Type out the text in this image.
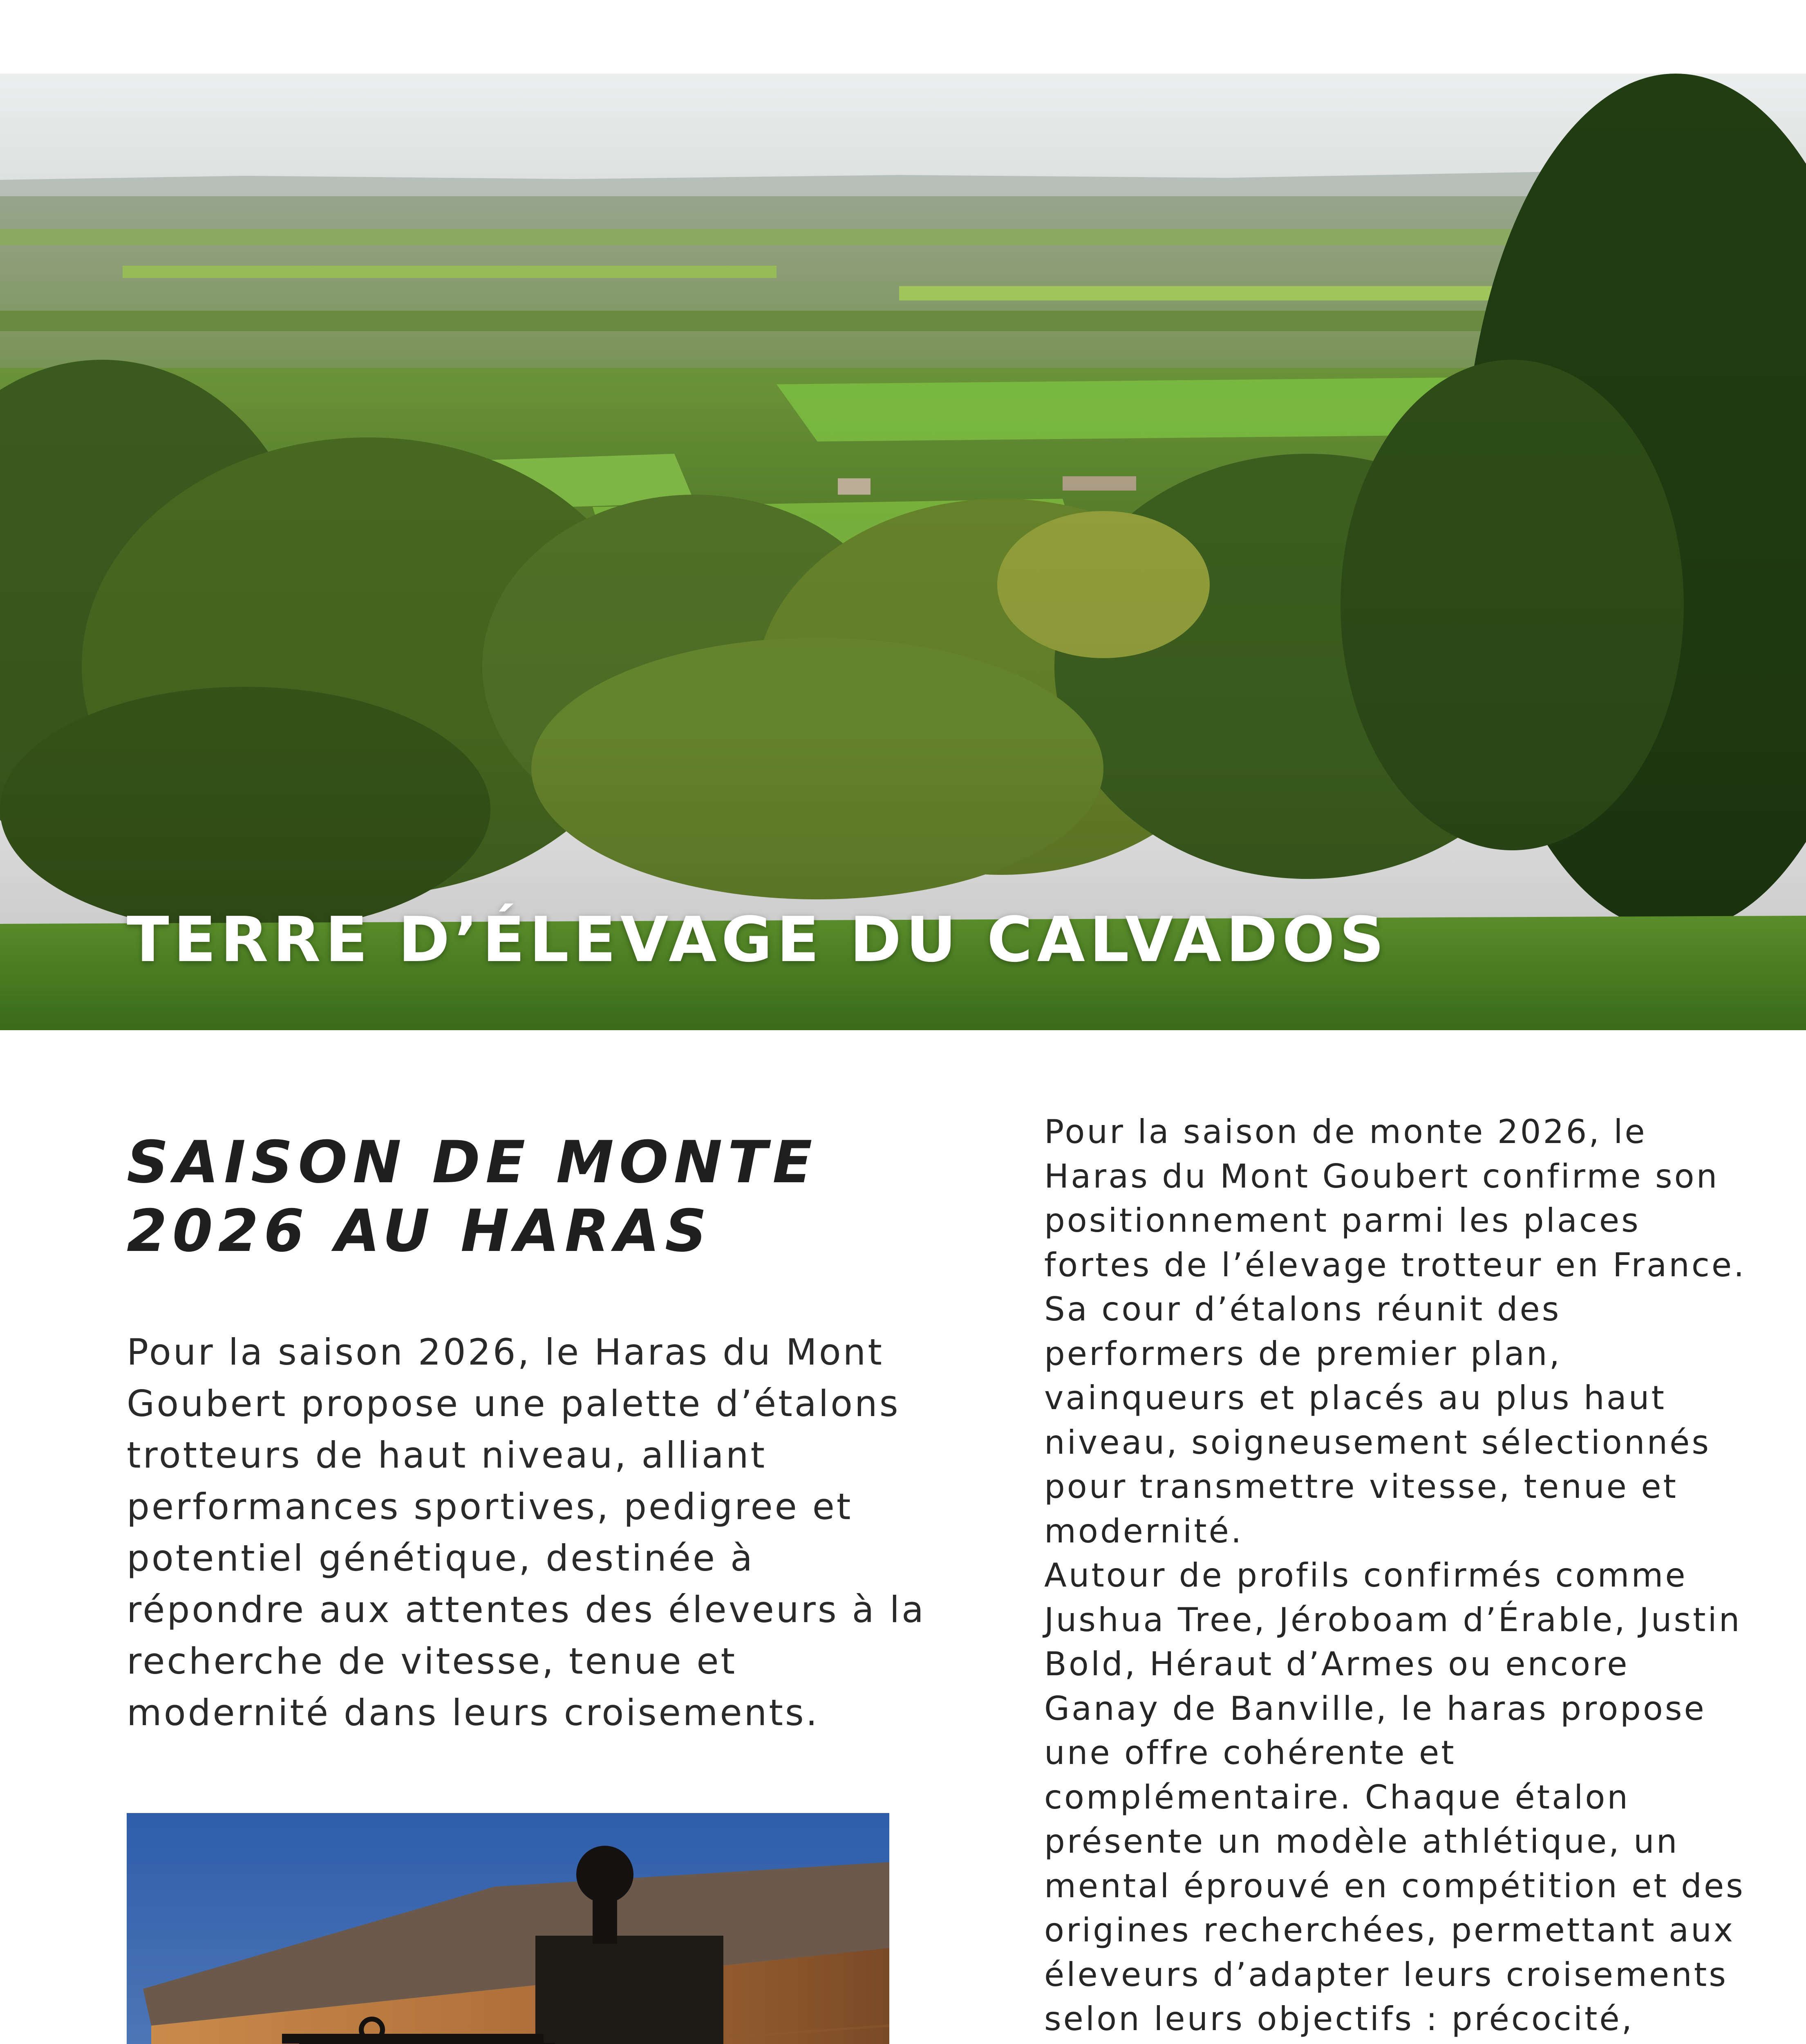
TERRE D’ÉLEVAGE DU CALVADOS
SAISON DE MONTE
2026 AU HARAS

Pour la saison 2026, le Haras du Mont Goubert propose une palette d’étalons trotteurs de haut niveau, alliant performances sportives, pedigree et potentiel génétique, destinée à répondre aux attentes des éleveurs à la recherche de vitesse, tenue et modernité dans leurs croisements.

Pour la saison de monte 2026, le Haras du Mont Goubert confirme son positionnement parmi les places fortes de l’élevage trotteur en France. Sa cour d’étalons réunit des performers de premier plan, vainqueurs et placés au plus haut niveau, soigneusement sélectionnés pour transmettre vitesse, tenue et modernité.

Autour de profils confirmés comme Jushua Tree, Jéroboam d’Érable, Justin Bold, Héraut d’Armes ou encore Ganay de Banville, le haras propose une offre cohérente et complémentaire. Chaque étalon présente un modèle athlétique, un mental éprouvé en compétition et des origines recherchées, permettant aux éleveurs d’adapter leurs croisements selon leurs objectifs : précocité,
